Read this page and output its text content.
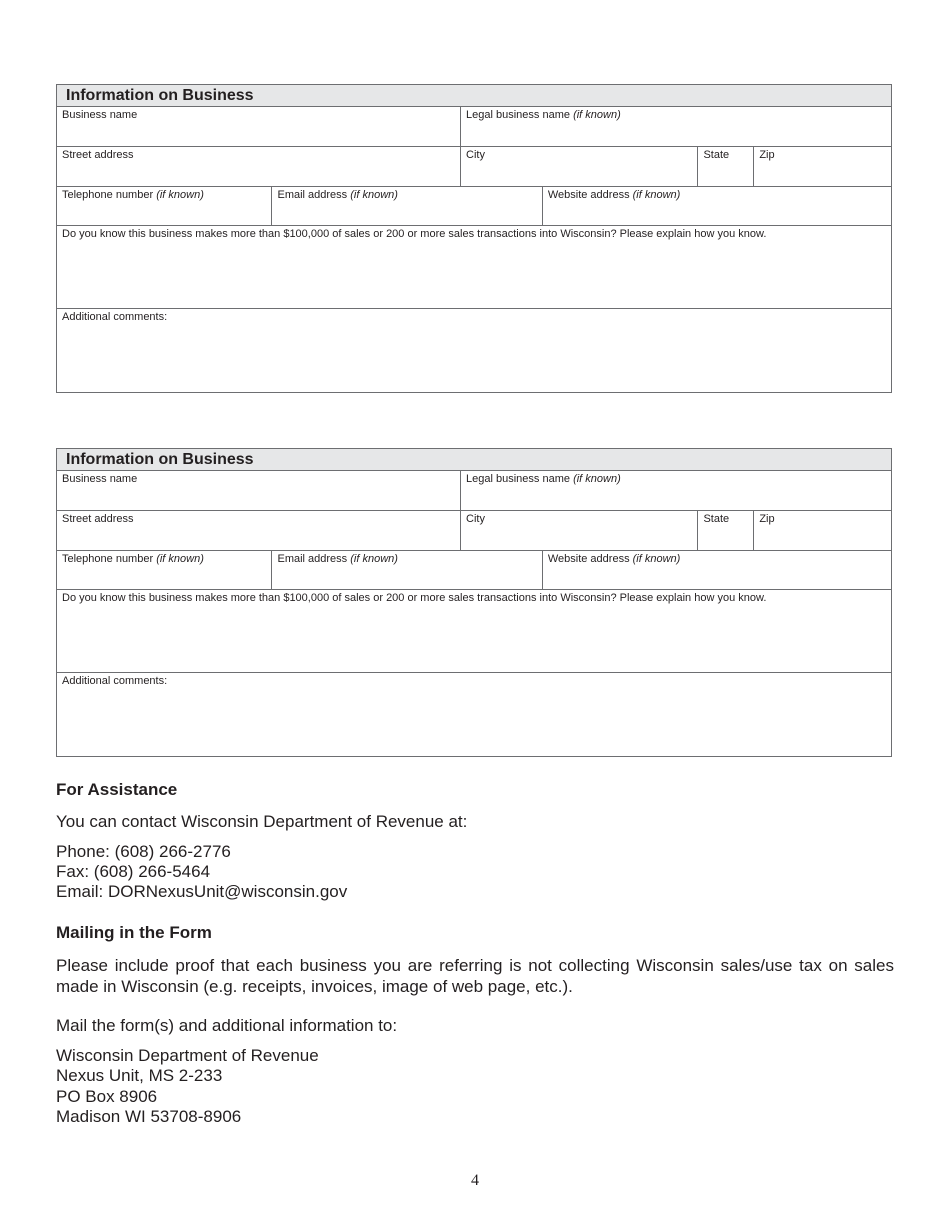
Information on Business
Business name	Legal business name (if known)
Street address	City	State	Zip
Telephone number (if known)	Email address (if known)	Website address (if known)
Do you know this business makes more than $100,000 of sales or 200 or more sales transactions into Wisconsin? Please explain how you know.
Additional comments:
Information on Business
Business name	Legal business name (if known)
Street address	City	State	Zip
Telephone number (if known)	Email address (if known)	Website address (if known)
Do you know this business makes more than $100,000 of sales or 200 or more sales transactions into Wisconsin? Please explain how you know.
Additional comments:
For Assistance
You can contact Wisconsin Department of Revenue at:
Phone: (608) 266-2776
Fax: (608) 266-5464
Email: DORNexusUnit@wisconsin.gov
Mailing in the Form
Please include proof that each business you are referring is not collecting Wisconsin sales/use tax on sales made in Wisconsin (e.g. receipts, invoices, image of web page, etc.).
Mail the form(s) and additional information to:
Wisconsin Department of Revenue
Nexus Unit, MS 2-233
PO Box 8906
Madison WI 53708-8906
4
